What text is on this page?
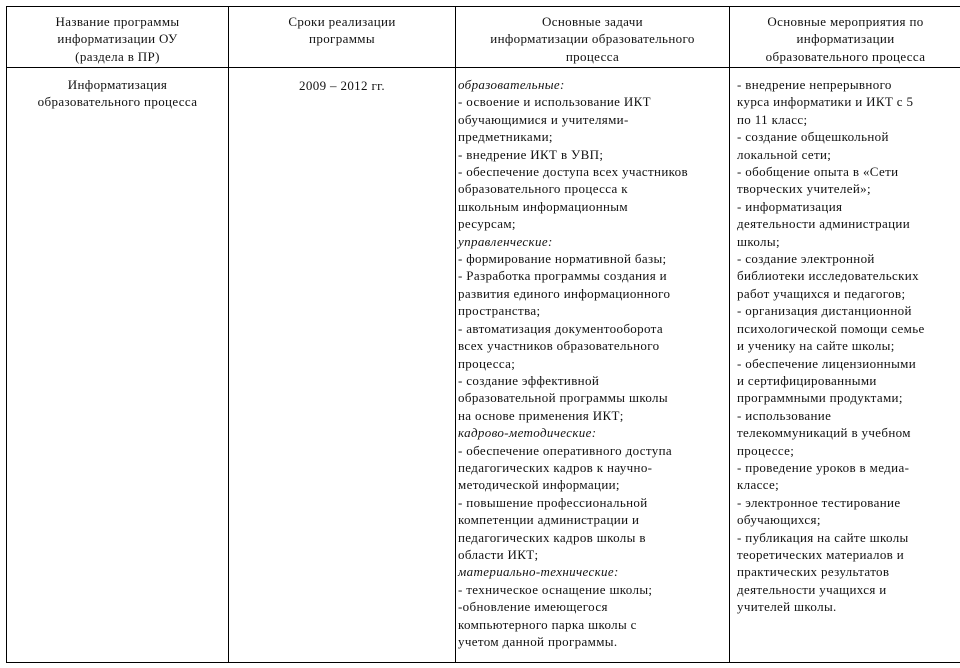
Название программы
информатизации ОУ
(раздела в ПР)
Сроки реализации
программы
Основные задачи
информатизации образовательного
процесса
Основные мероприятия по
информатизации
образовательного процесса
Информатизация
образовательного процесса
2009 – 2012 гг.	образовательные:
- освоение и использование ИКТ
обучающимися и учителями-
предметниками;
- внедрение ИКТ в УВП;
- обеспечение доступа всех участников
образовательного процесса к
школьным информационным
ресурсам;
управленческие:
- формирование нормативной базы;
- Разработка программы создания и
развития единого информационного
пространства;
- автоматизация документооборота
всех участников образовательного
процесса;
- создание эффективной
образовательной программы школы
на основе применения ИКТ;
кадрово-методические:
- обеспечение оперативного доступа
педагогических кадров к научно-
методической информации;
- повышение профессиональной
компетенции администрации и
педагогических кадров школы в
области ИКТ;
материально-технические:
- техническое оснащение школы;
-обновление имеющегося
компьютерного парка школы с
учетом данной программы.
- внедрение непрерывного
курса информатики и ИКТ с 5
по 11 класс;
- создание общешкольной
локальной сети;
- обобщение опыта в «Сети
творческих учителей»;
- информатизация
деятельности администрации
школы;
- создание электронной
библиотеки исследовательских
работ учащихся и педагогов;
- организация дистанционной
психологической помощи семье
и ученику на сайте школы;
- обеспечение лицензионными
и сертифицированными
программными продуктами;
- использование
телекоммуникаций в учебном
процессе;
- проведение уроков в медиа-
классе;
- электронное тестирование
обучающихся;
- публикация на сайте школы
теоретических материалов и
практических результатов
деятельности учащихся и
учителей школы.
